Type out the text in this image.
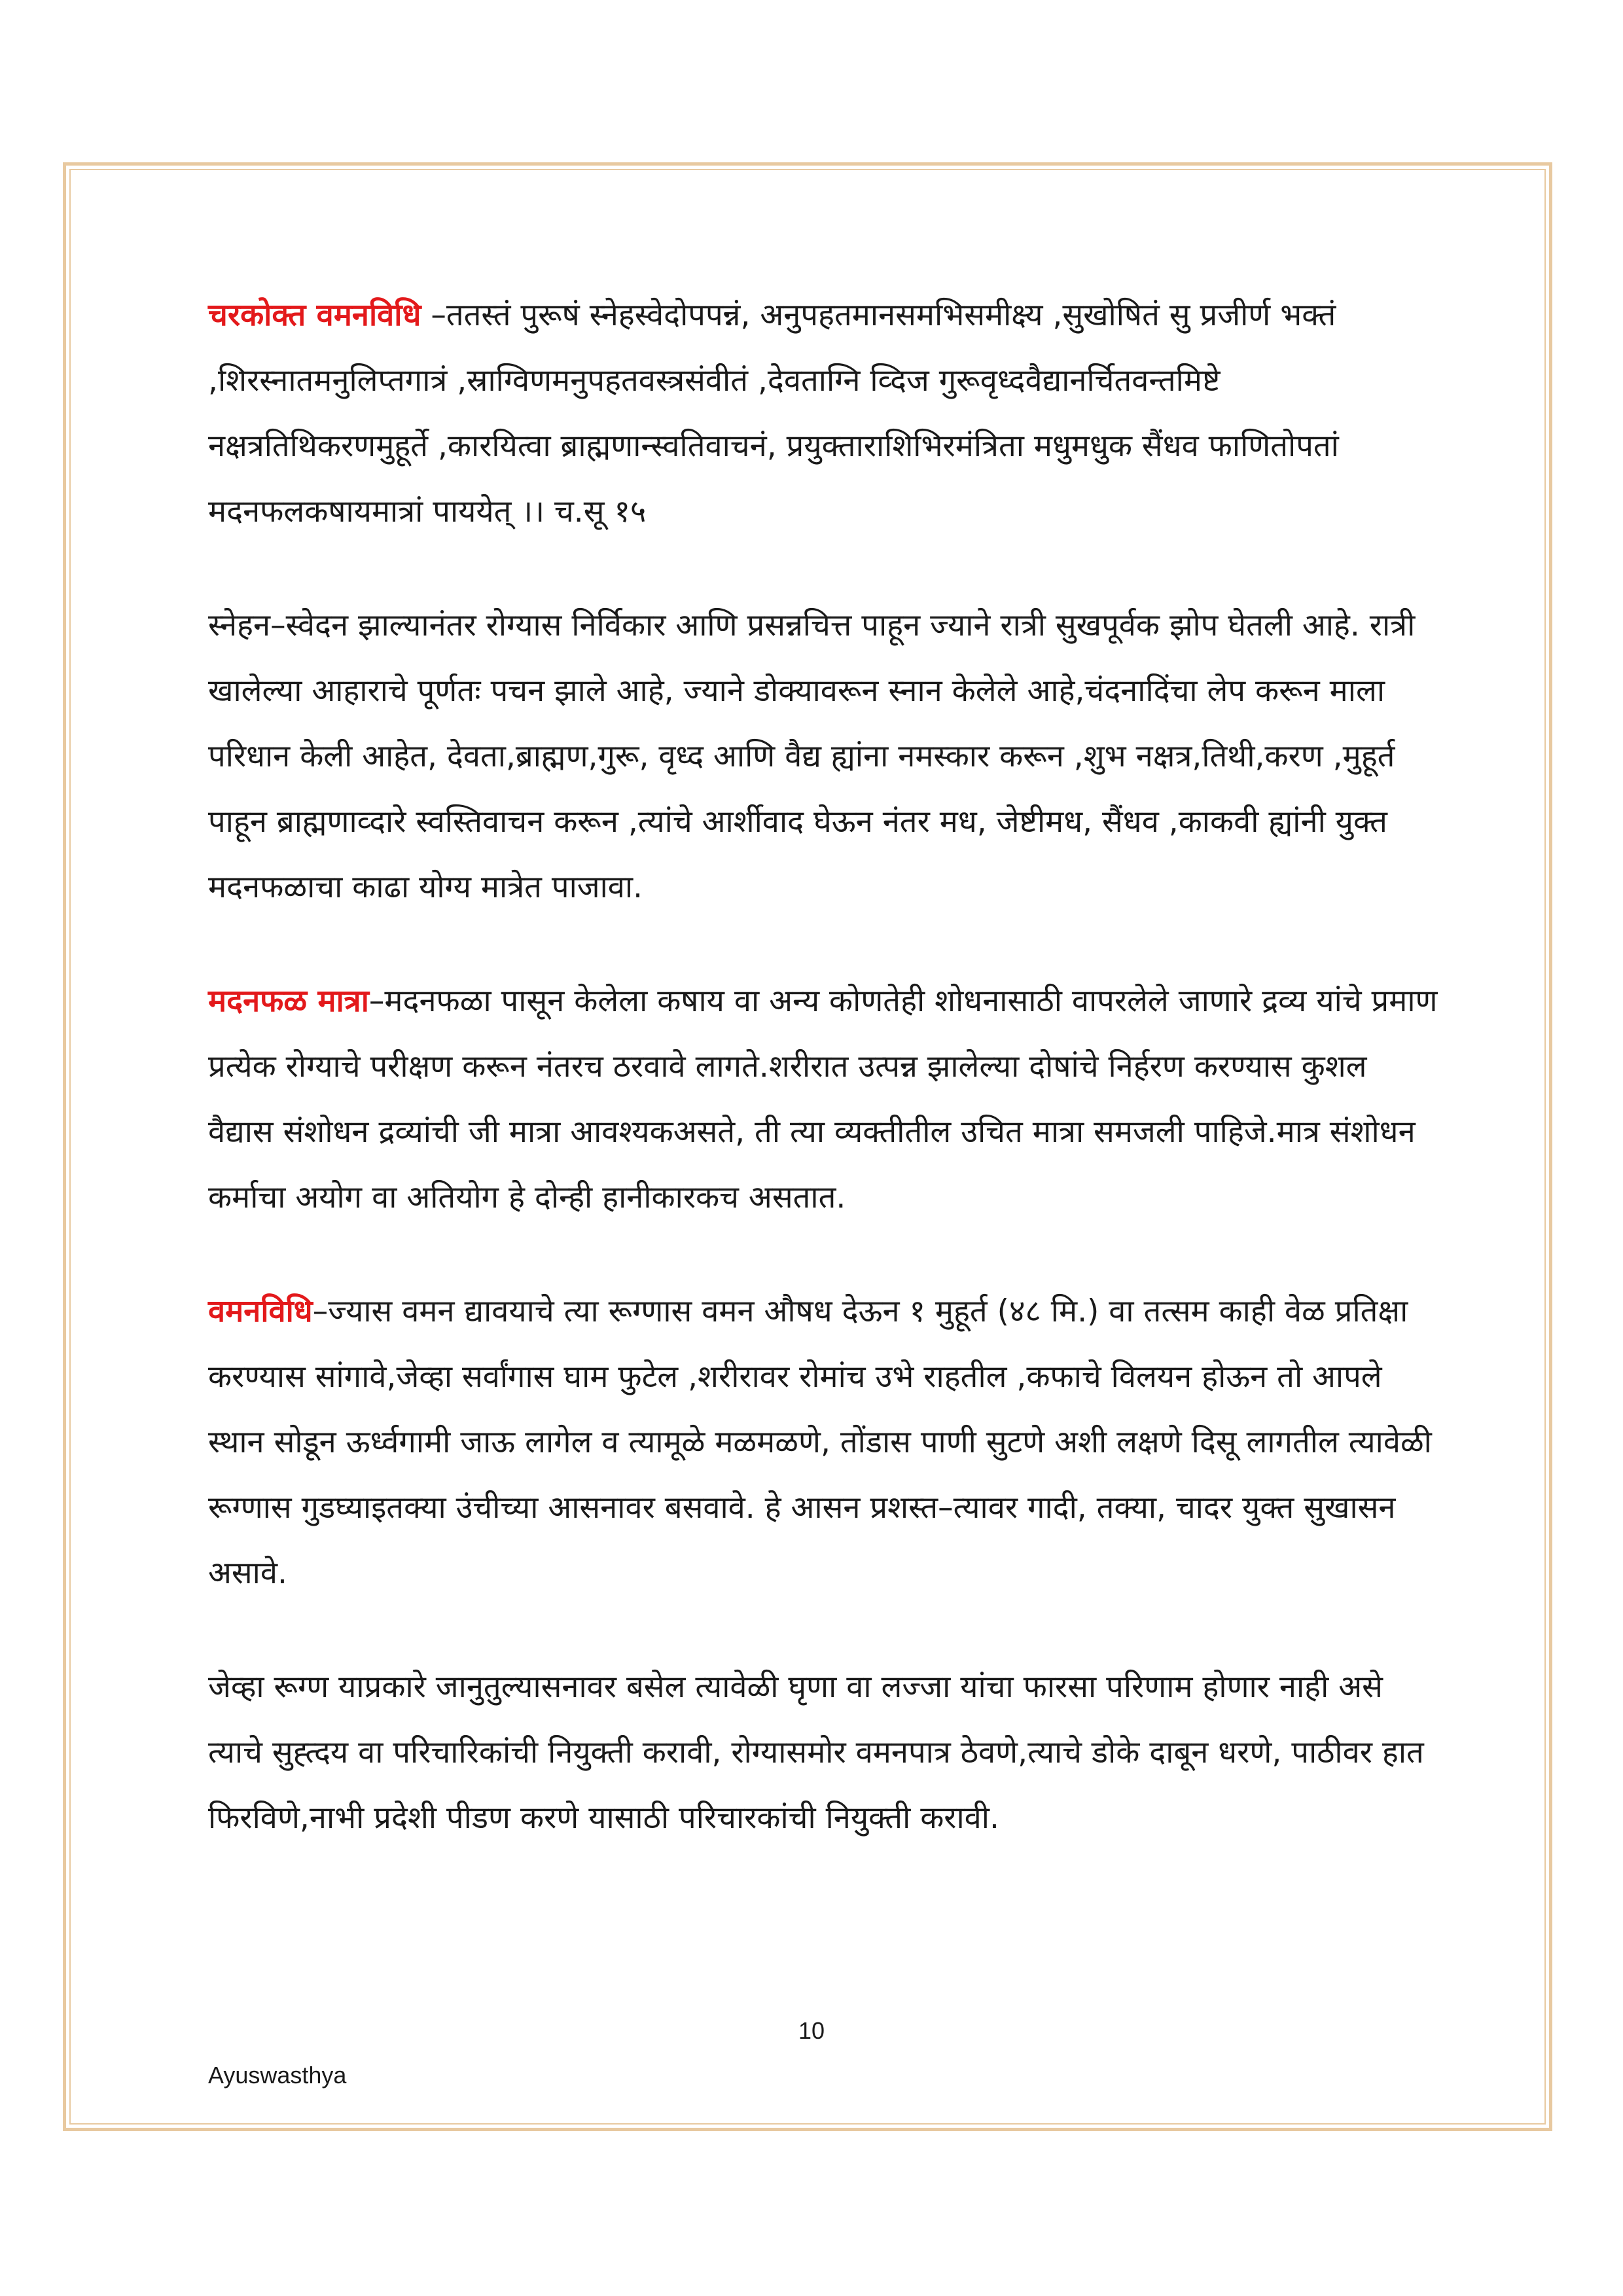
चरकोक्त वमनविधि –ततस्तं पुरूषं स्नेहस्वेदोपपन्नं, अनुपहतमानसमभिसमीक्ष्य ,सुखोषितं सु प्रजीर्ण भक्तं ,शिरस्नातमनुलिप्तगात्रं ,स्राग्विणमनुपहतवस्त्रसंवीतं ,देवताग्नि व्दिज गुरूवृध्दवैद्यानर्चितवन्तमिष्टे नक्षत्रतिथिकरणमुहूर्ते ,कारयित्वा ब्राह्मणान्स्वतिवाचनं, प्रयुक्ताराशिभिरमंत्रिता मधुमधुक सैंधव फाणितोपतां मदनफलकषायमात्रां पाययेत् ।। च.सू १५

स्नेहन–स्वेदन झाल्यानंतर रोग्यास निर्विकार आणि प्रसन्नचित्त पाहून ज्याने रात्री सुखपूर्वक झोप घेतली आहे. रात्री खालेल्या आहाराचे पूर्णतः पचन झाले आहे, ज्याने डोक्यावरून स्नान केलेले आहे,चंदनादिंचा लेप करून माला परिधान केली आहेत, देवता,ब्राह्मण,गुरू, वृध्द आणि वैद्य ह्यांना नमस्कार करून ,शुभ नक्षत्र,तिथी,करण ,मुहूर्त पाहून ब्राह्मणाव्दारे स्वस्तिवाचन करून ,त्यांचे आर्शीवाद घेऊन नंतर मध, जेष्टीमध, सैंधव ,काकवी ह्यांनी युक्त मदनफळाचा काढा योग्य मात्रेत पाजावा.

मदनफळ मात्रा–मदनफळा पासून केलेला कषाय वा अन्य कोणतेही शोधनासाठी वापरलेले जाणारे द्रव्य यांचे प्रमाण प्रत्येक रोग्याचे परीक्षण करून नंतरच ठरवावे लागते.शरीरात उत्पन्न झालेल्या दोषांचे निर्हरण करण्यास कुशल वैद्यास संशोधन द्रव्यांची जी मात्रा आवश्यकअसते, ती त्या व्यक्तीतील उचित मात्रा समजली पाहिजे.मात्र संशोधन कर्माचा अयोग वा अतियोग हे दोन्ही हानीकारकच असतात.

वमनविधि–ज्यास वमन द्यावयाचे त्या रूग्णास वमन औषध देऊन १ मुहूर्त (४८ मि.) वा तत्सम काही वेळ प्रतिक्षा करण्यास सांगावे,जेव्हा सर्वांगास घाम फुटेल ,शरीरावर रोमांच उभे राहतील ,कफाचे विलयन होऊन तो आपले स्थान सोडून ऊर्ध्वगामी जाऊ लागेल व त्यामूळे मळमळणे, तोंडास पाणी सुटणे अशी लक्षणे दिसू लागतील त्यावेळी रूग्णास गुडघ्याइतक्या उंचीच्या आसनावर बसवावे. हे आसन प्रशस्त–त्यावर गादी, तक्या, चादर युक्त सुखासन असावे.

जेव्हा रूग्ण याप्रकारे जानुतुल्यासनावर बसेल त्यावेळी घृणा वा लज्जा यांचा फारसा परिणाम होणार नाही असे त्याचे सुह्त्दय वा परिचारिकांची नियुक्ती करावी, रोग्यासमोर वमनपात्र ठेवणे,त्याचे डोके दाबून धरणे, पाठीवर हात फिरविणे,नाभी प्रदेशी पीडण करणे यासाठी परिचारकांची नियुक्ती करावी.

10
Ayuswasthya
